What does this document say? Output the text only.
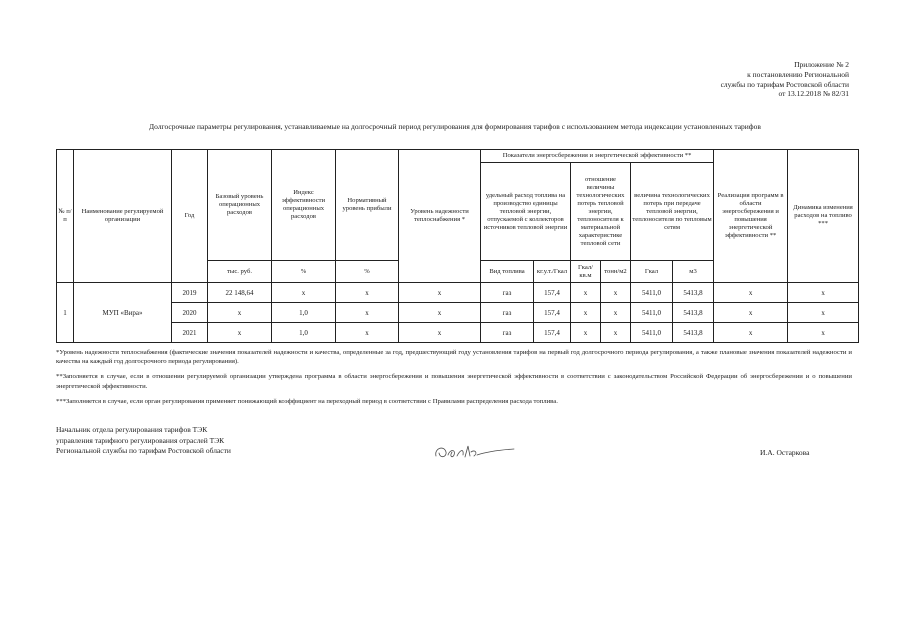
Приложение № 2
к постановлению Региональной
службы по тарифам Ростовской области
от 13.12.2018 № 82/31
Долгосрочные параметры регулирования, устанавливаемые на долгосрочный период регулирования для формирования тарифов с использованием метода индексации установленных тарифов
№ п/п	Наименование регулируемой организации	Год	Базовый уровень операционных расходов	Индекс эффективности операционных расходов	Нормативный уровень прибыли	Уровень надежности теплоснабжения *	Показатели энергосбережения и энергетической эффективности **						Реализация программ в области энергосбережения и повышения энергетической эффективности **	Динамика изменения расходов на топливо ***
							удельный расход топлива на производство единицы тепловой энергии, отпускаемой с коллекторов источников тепловой энергии		отношение величины технологических потерь тепловой энергии, теплоносителя к материальной характеристике тепловой сети		величина технологических потерь при передаче тепловой энергии, теплоносителя по тепловым сетям			
			тыс. руб.	%	%		Вид топлива	кг.у.т./Гкал	Гкал/ кв.м	тонн/м2	Гкал	м3		
1	МУП «Вира»	2019	22 148,64	x	x	x	газ	157,4	x	x	5411,0	5413,8	x	x
		2020	x	1,0	x	x	газ	157,4	x	x	5411,0	5413,8	x	x
		2021	x	1,0	x	x	газ	157,4	x	x	5411,0	5413,8	x	x

*Уровень надежности теплоснабжения (фактические значения показателей надежности и качества, определенные за год, предшествующий году установления тарифов на первый год долгосрочного периода регулирования, а также плановые значения показателей надежности и качества на каждый год долгосрочного периода регулирования).

**Заполняется в случае, если в отношении регулируемой организации утверждена программа в области энергосбережения и повышения энергетической эффективности в соответствии с законодательством Российской Федерации об энергосбережении и о повышении энергетической эффективности.

***Заполняется в случае, если орган регулирования применяет понижающий коэффициент на переходный период в соответствии с Правилами распределения расхода топлива.

Начальник отдела регулирования тарифов ТЭК
управления тарифного регулирования отраслей ТЭК
Региональной службы по тарифам Ростовской области	И.А. Остаркова
